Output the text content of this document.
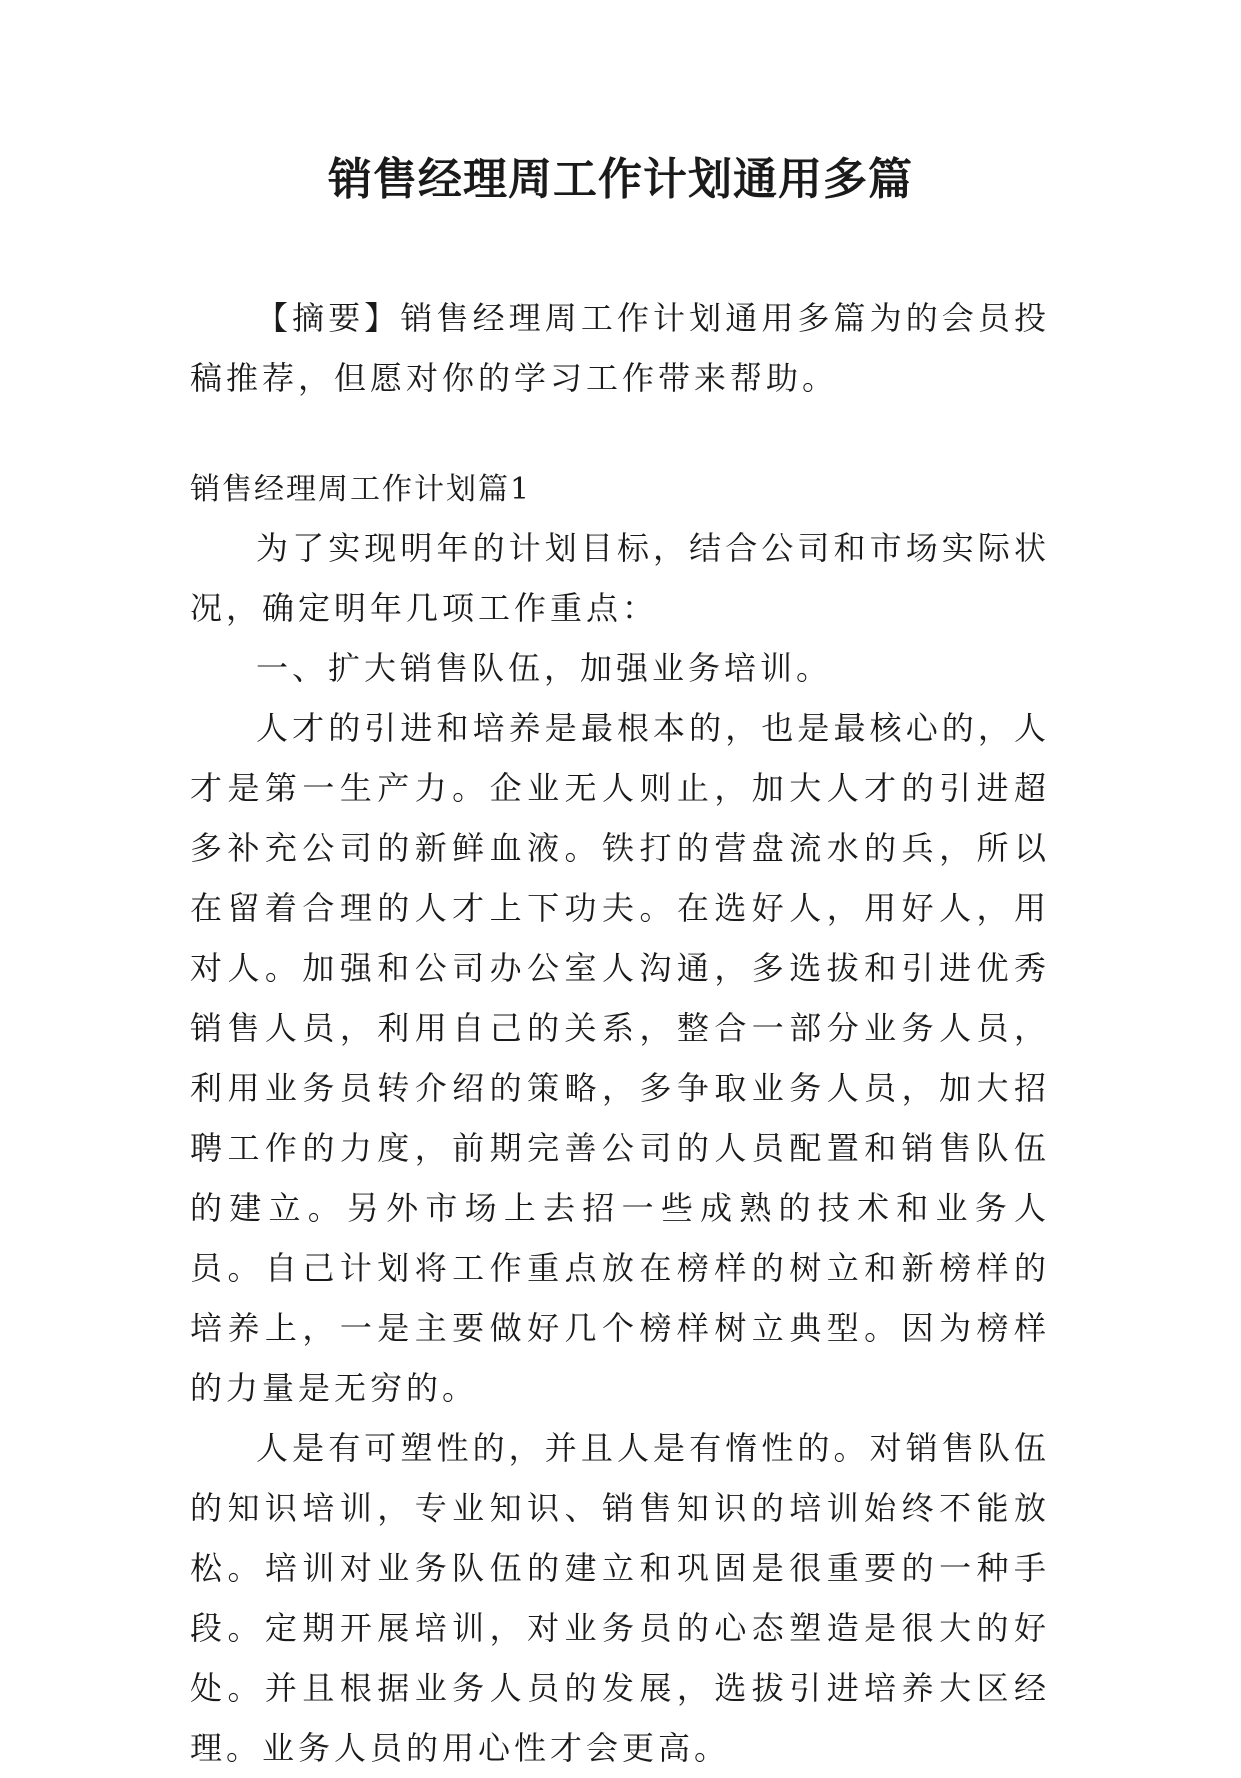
销售经理周工作计划通用多篇

【摘要】销售经理周工作计划通用多篇为的会员投稿推荐，但愿对你的学习工作带来帮助。

销售经理周工作计划篇1

为了实现明年的计划目标，结合公司和市场实际状况，确定明年几项工作重点：

一、扩大销售队伍，加强业务培训。

人才的引进和培养是最根本的，也是最核心的，人才是第一生产力。企业无人则止，加大人才的引进超多补充公司的新鲜血液。铁打的营盘流水的兵，所以在留着合理的人才上下功夫。在选好人，用好人，用对人。加强和公司办公室人沟通，多选拔和引进优秀销售人员，利用自己的关系，整合一部分业务人员，利用业务员转介绍的策略，多争取业务人员，加大招聘工作的力度，前期完善公司的人员配置和销售队伍的建立。另外市场上去招一些成熟的技术和业务人员。自己计划将工作重点放在榜样的树立和新榜样的培养上，一是主要做好几个榜样树立典型。因为榜样的力量是无穷的。

人是有可塑性的，并且人是有惰性的。对销售队伍的知识培训，专业知识、销售知识的培训始终不能放松。培训对业务队伍的建立和巩固是很重要的一种手段。定期开展培训，对业务员的心态塑造是很大的好处。并且根据业务人员的发展，选拔引进培养大区经理。业务人员的用心性才会更高。
